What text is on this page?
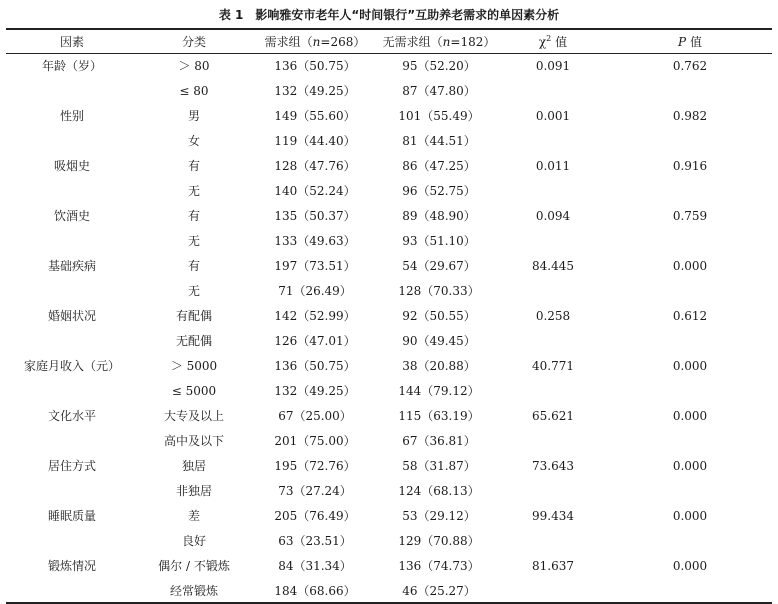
表 1 影响雅安市老年人“时间银行”互助养老需求的单因素分析
因素	分类	需求组（n=268）	无需求组（n=182）	$\chi^2$ 值	P 值
年龄（岁）	＞ 80	136（50.75）	95（52.20）	0.091	0.762
	≤ 80	132（49.25）	87（47.80）		
性别	男	149（55.60）	101（55.49）	0.001	0.982
	女	119（44.40）	81（44.51）		
吸烟史	有	128（47.76）	86（47.25）	0.011	0.916
	无	140（52.24）	96（52.75）		
饮酒史	有	135（50.37）	89（48.90）	0.094	0.759
	无	133（49.63）	93（51.10）		
基础疾病	有	197（73.51）	54（29.67）	84.445	0.000
	无	71（26.49）	128（70.33）		
婚姻状况	有配偶	142（52.99）	92（50.55）	0.258	0.612
	无配偶	126（47.01）	90（49.45）		
家庭月收入（元）	＞ 5000	136（50.75）	38（20.88）	40.771	0.000
	≤ 5000	132（49.25）	144（79.12）		
文化水平	大专及以上	67（25.00）	115（63.19）	65.621	0.000
	高中及以下	201（75.00）	67（36.81）		
居住方式	独居	195（72.76）	58（31.87）	73.643	0.000
	非独居	73（27.24）	124（68.13）		
睡眠质量	差	205（76.49）	53（29.12）	99.434	0.000
	良好	63（23.51）	129（70.88）		
锻炼情况	偶尔 / 不锻炼	84（31.34）	136（74.73）	81.637	0.000
	经常锻炼	184（68.66）	46（25.27）		
